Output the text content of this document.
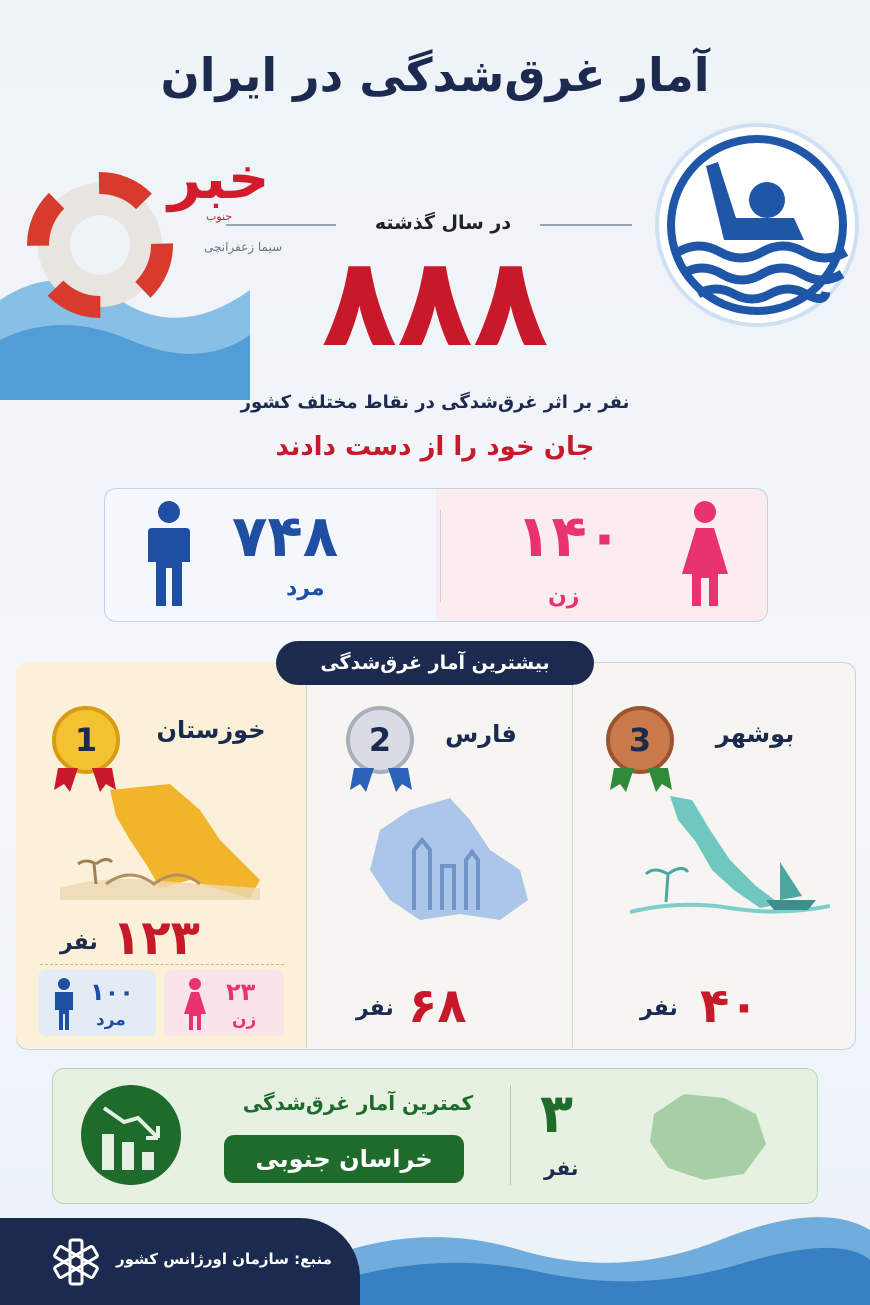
آمار غرق‌شدگی در ایران
خبر
جنوب
سیما زعفرانچی
در سال گذشته
۸۸۸
نفر بر اثر غرق‌شدگی در نقاط مختلف کشور
جان خود را از دست دادند
۷۴۸
مرد
۱۴۰
زن
بیشترین آمار غرق‌شدگی
1	خوزستان
۱۲۳
نفر
۱۰۰
مرد
۲۳
زن
2	فارس
۶۸
نفر
3	بوشهر
۴۰
نفر
کمترین آمار غرق‌شدگی
خراسان جنوبی
۳
نفر
منبع: سازمان اورژانس کشور
